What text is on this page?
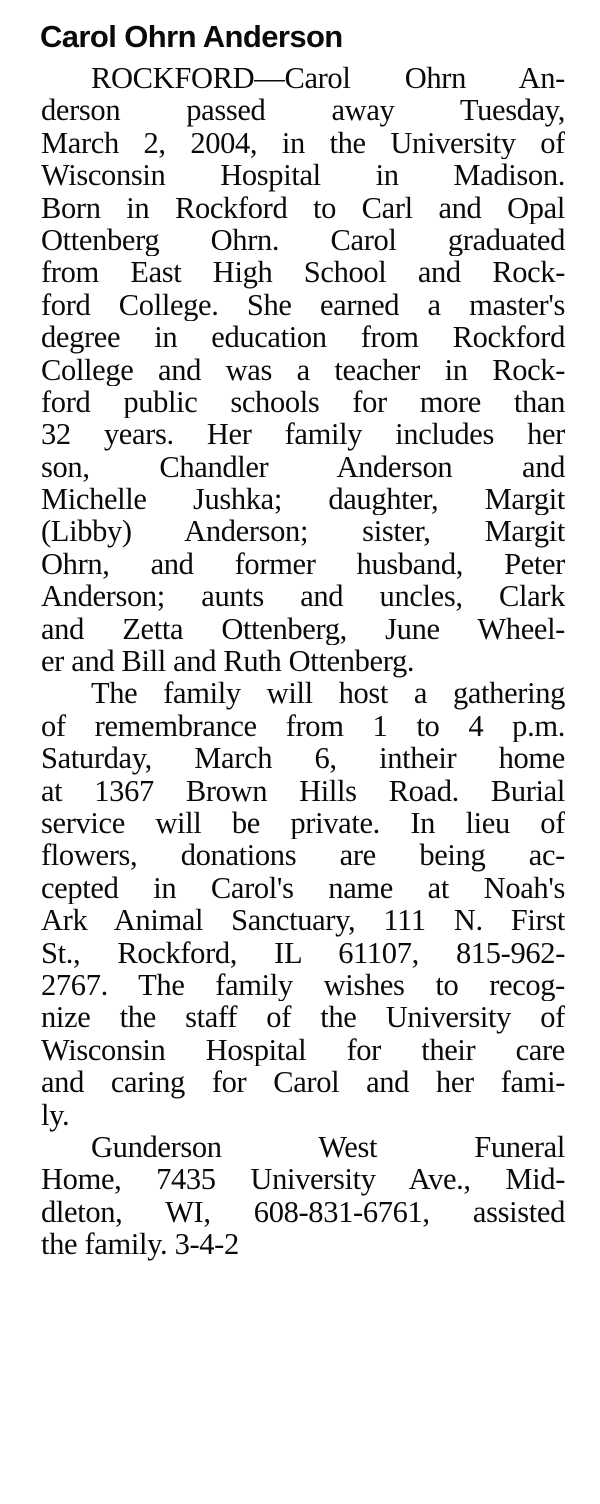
Carol Ohrn Anderson

ROCKFORD—Carol Ohrn An-
derson passed away Tuesday,
March 2, 2004, in the University of
Wisconsin Hospital in Madison.
Born in Rockford to Carl and Opal
Ottenberg Ohrn. Carol graduated
from East High School and Rock-
ford College. She earned a master's
degree in education from Rockford
College and was a teacher in Rock-
ford public schools for more than
32 years. Her family includes her
son, Chandler Anderson and
Michelle Jushka; daughter, Margit
(Libby) Anderson; sister, Margit
Ohrn, and former husband, Peter
Anderson; aunts and uncles, Clark
and Zetta Ottenberg, June Wheel-
er and Bill and Ruth Ottenberg.

The family will host a gathering
of remembrance from 1 to 4 p.m.
Saturday, March 6, intheir home
at 1367 Brown Hills Road. Burial
service will be private. In lieu of
flowers, donations are being ac-
cepted in Carol's name at Noah's
Ark Animal Sanctuary, 111 N. First
St., Rockford, IL 61107, 815-962-
2767. The family wishes to recog-
nize the staff of the University of
Wisconsin Hospital for their care
and caring for Carol and her fami-
ly.

Gunderson West Funeral
Home, 7435 University Ave., Mid-
dleton, WI, 608-831-6761, assisted
the family. 3-4-2
